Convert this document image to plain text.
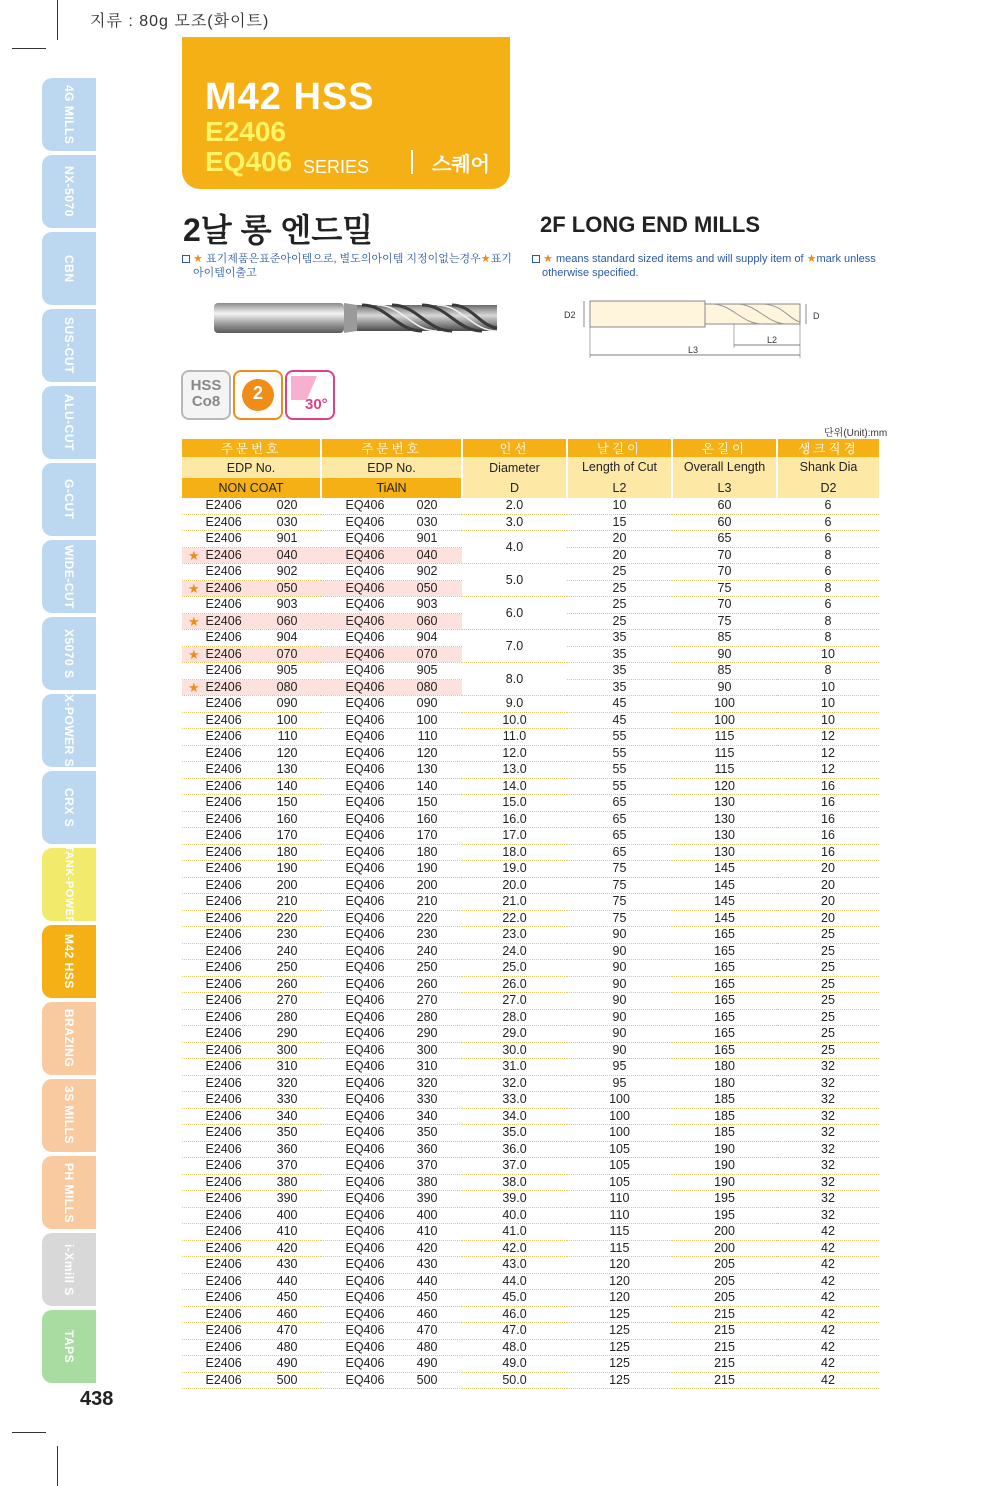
지류 : 80g 모조(화이트)
4G MILLS
NX-5070
CBN
SUS-CUT
ALU-CUT
G-CUT
WIDE-CUT
X5070 S
X-POWER S
CRX S
TANK-POWER
M42 HSS
BRAZING
3S MILLS
PH MILLS
i-Xmill S
TAPS
M42 HSS
E2406
EQ406 SERIES	스퀘어
2날 롱 엔드밀	2F LONG END MILLS
★ 표기제품은표준아이템으로, 별도의아이템 지정이없는경우★표기
아이템이출고
★ means standard sized items and will supply item of ★mark unless
otherwise specified.
D2	D
L2
L3
HSS
Co8	2
30°
단위(Unit):mm
주문번호	주문번호	인선	날길이	온길이	생크직경
EDP No.	EDP No.	Diameter	Length of Cut	Overall Length	Shank Dia
NON COAT	TiAlN	D	L2	L3	D2
E2406 020	EQ406 020	2.0	10	60	6
E2406 030	EQ406 030	3.0	15	60	6
E2406 901	EQ406 901	4.0	20	65	6

★ E2406 040	EQ406 040		20	70	8
E2406 902	EQ406 902	5.0	25	70	6

★ E2406 050	EQ406 050		25	75	8
E2406 903	EQ406 903	6.0	25	70	6

★ E2406 060	EQ406 060		25	75	8
E2406 904	EQ406 904	7.0	35	85	8

★ E2406 070	EQ406 070		35	90	10
E2406 905	EQ406 905	8.0	35	85	8

★ E2406 080	EQ406 080		35	90	10
E2406 090	EQ406 090	9.0	45	100	10
E2406 100	EQ406 100	10.0	45	100	10
E2406 110	EQ406 110	11.0	55	115	12
E2406 120	EQ406 120	12.0	55	115	12
E2406 130	EQ406 130	13.0	55	115	12
E2406 140	EQ406 140	14.0	55	120	16
E2406 150	EQ406 150	15.0	65	130	16
E2406 160	EQ406 160	16.0	65	130	16
E2406 170	EQ406 170	17.0	65	130	16
E2406 180	EQ406 180	18.0	65	130	16
E2406 190	EQ406 190	19.0	75	145	20
E2406 200	EQ406 200	20.0	75	145	20
E2406 210	EQ406 210	21.0	75	145	20
E2406 220	EQ406 220	22.0	75	145	20
E2406 230	EQ406 230	23.0	90	165	25
E2406 240	EQ406 240	24.0	90	165	25
E2406 250	EQ406 250	25.0	90	165	25
E2406 260	EQ406 260	26.0	90	165	25
E2406 270	EQ406 270	27.0	90	165	25
E2406 280	EQ406 280	28.0	90	165	25
E2406 290	EQ406 290	29.0	90	165	25
E2406 300	EQ406 300	30.0	90	165	25
E2406 310	EQ406 310	31.0	95	180	32
E2406 320	EQ406 320	32.0	95	180	32
E2406 330	EQ406 330	33.0	100	185	32
E2406 340	EQ406 340	34.0	100	185	32
E2406 350	EQ406 350	35.0	100	185	32
E2406 360	EQ406 360	36.0	105	190	32
E2406 370	EQ406 370	37.0	105	190	32
E2406 380	EQ406 380	38.0	105	190	32
E2406 390	EQ406 390	39.0	110	195	32
E2406 400	EQ406 400	40.0	110	195	32
E2406 410	EQ406 410	41.0	115	200	42
E2406 420	EQ406 420	42.0	115	200	42
E2406 430	EQ406 430	43.0	120	205	42
E2406 440	EQ406 440	44.0	120	205	42
E2406 450	EQ406 450	45.0	120	205	42
E2406 460	EQ406 460	46.0	125	215	42
E2406 470	EQ406 470	47.0	125	215	42
E2406 480	EQ406 480	48.0	125	215	42
E2406 490	EQ406 490	49.0	125	215	42
E2406 500	EQ406 500	50.0	125	215	42
438
